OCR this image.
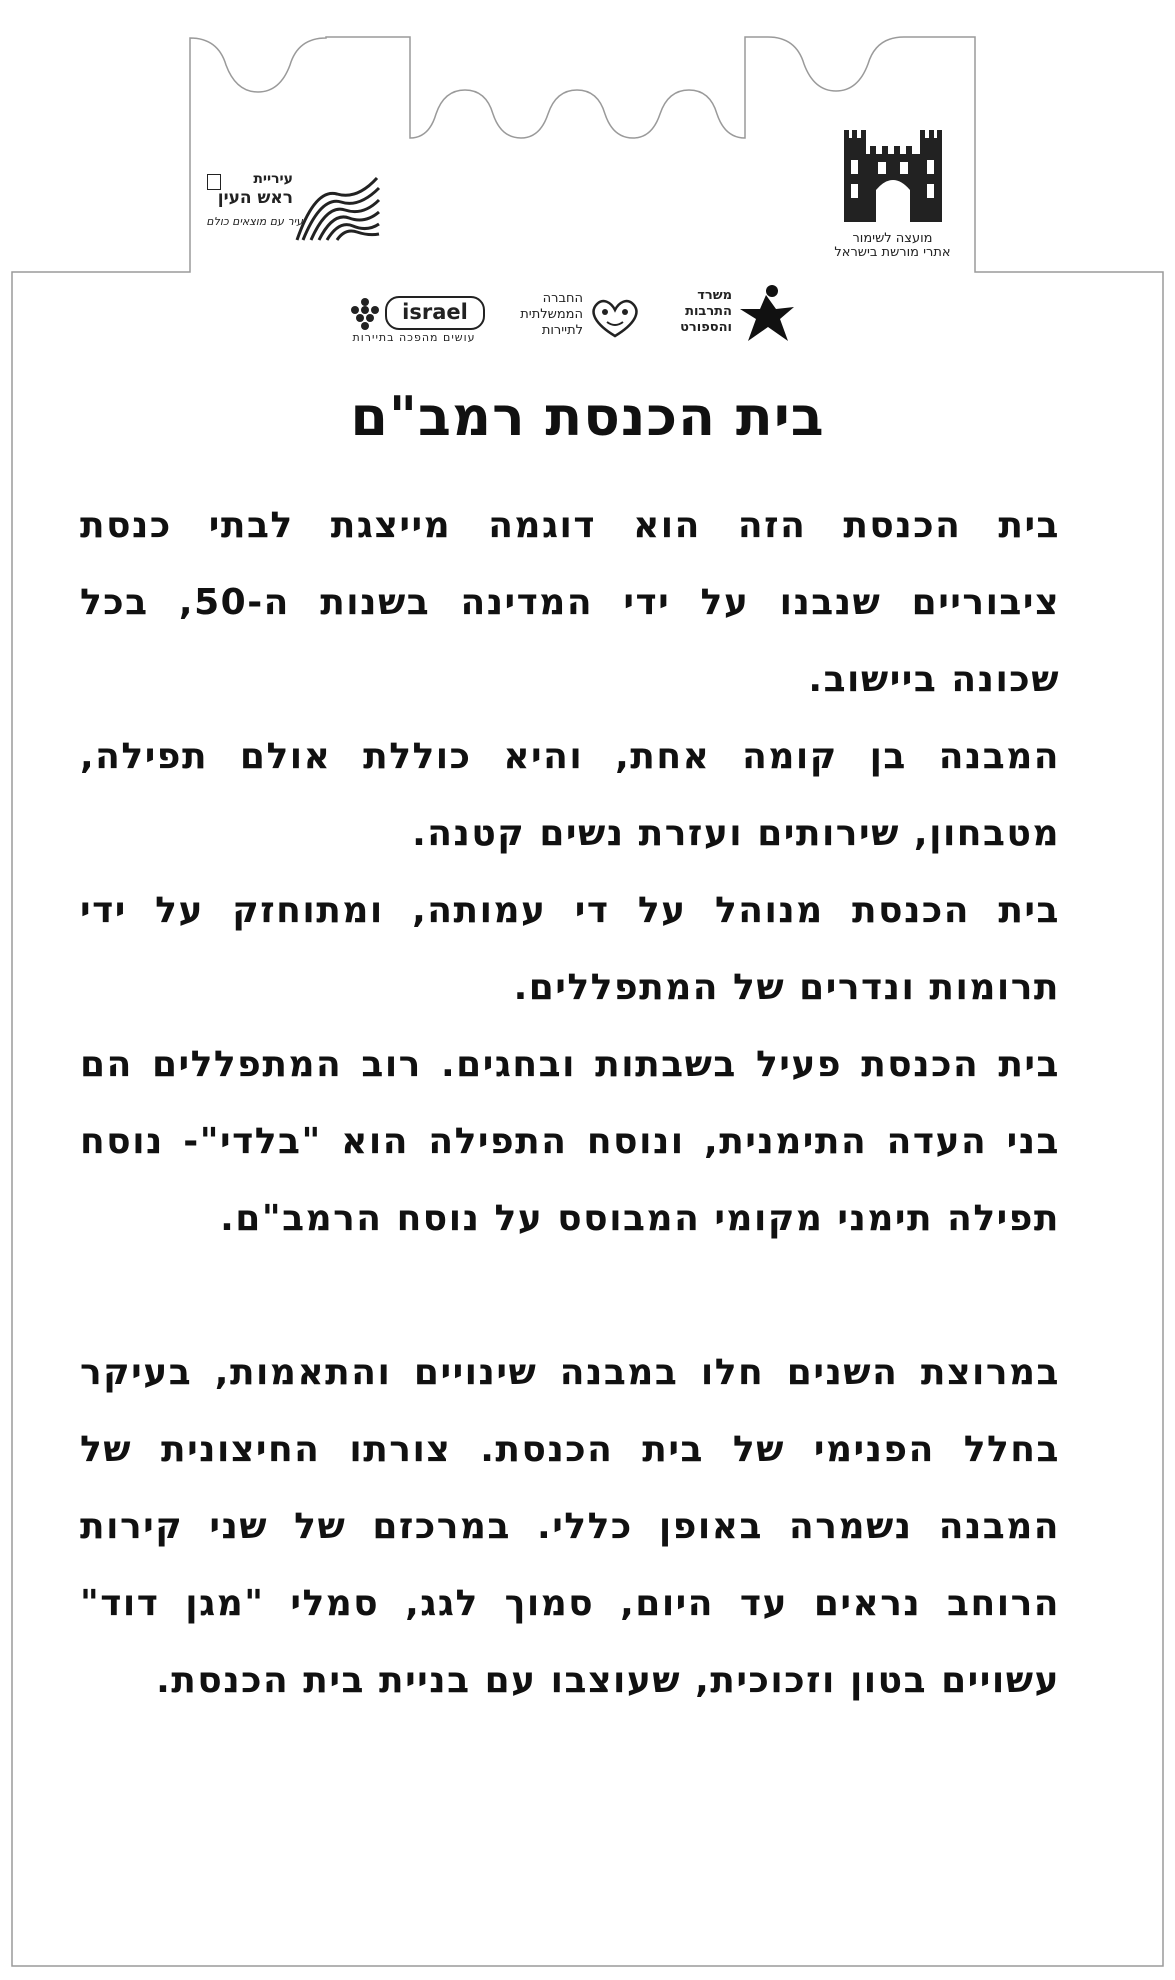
מועצה לשימור
אתרי מורשת בישראל
עיריית
ראש העין
עיר עם מוצאים כולם
משרד
התרבות
והספורט
החברה
הממשלתית
לתיירות
israel
עושים מהפכה בתיירות
בית הכנסת רמב"ם

בית הכנסת הזה הוא דוגמה מייצגת לבתי כנסת ציבוריים שנבנו על ידי המדינה בשנות ה-50, בכל שכונה ביישוב.

המבנה בן קומה אחת, והיא כוללת אולם תפילה, מטבחון, שירותים ועזרת נשים קטנה.

בית הכנסת מנוהל על די עמותה, ומתוחזק על ידי תרומות ונדרים של המתפללים.

בית הכנסת פעיל בשבתות ובחגים. רוב המתפללים הם בני העדה התימנית, ונוסח התפילה הוא "בלדי"- נוסח תפילה תימני מקומי המבוסס על נוסח הרמב"ם.

במרוצת השנים חלו במבנה שינויים והתאמות, בעיקר בחלל הפנימי של בית הכנסת. צורתו החיצונית של המבנה נשמרה באופן כללי. במרכזם של שני קירות הרוחב נראים עד היום, סמוך לגג, סמלי "מגן דוד" עשויים בטון וזכוכית, שעוצבו עם בניית בית הכנסת.
